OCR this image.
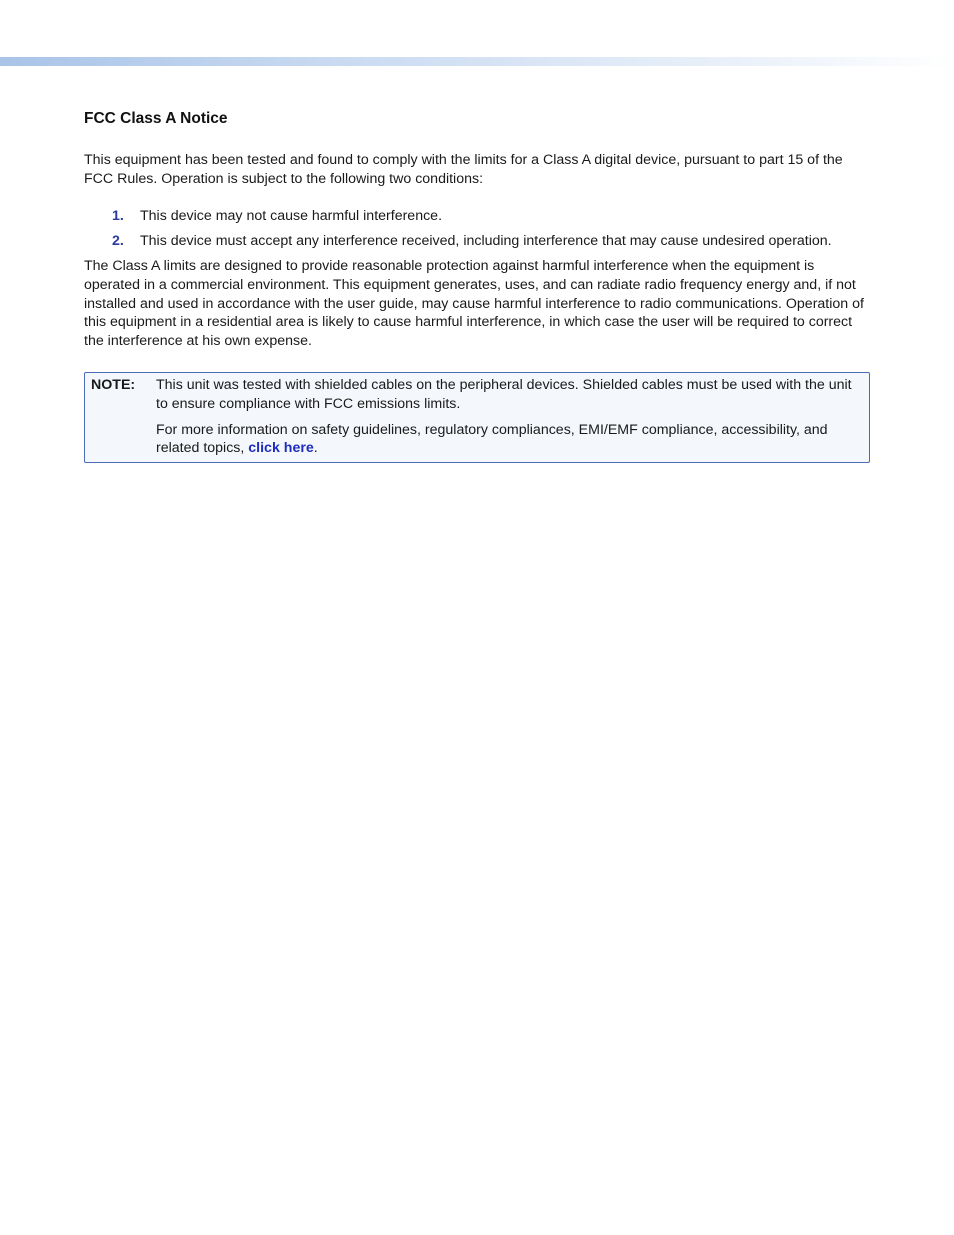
FCC Class A Notice

This equipment has been tested and found to comply with the limits for a Class A digital device, pursuant to part 15 of the FCC Rules. Operation is subject to the following two conditions:

1.	This device may not cause harmful interference.
2.	This device must accept any interference received, including interference that may cause undesired operation.

The Class A limits are designed to provide reasonable protection against harmful interference when the equipment is operated in a commercial environment. This equipment generates, uses, and can radiate radio frequency energy and, if not installed and used in accordance with the user guide, may cause harmful interference to radio communications. Operation of this equipment in a residential area is likely to cause harmful interference, in which case the user will be required to correct the interference at his own expense.

NOTE:	This unit was tested with shielded cables on the peripheral devices. Shielded cables must be used with the unit to ensure compliance with FCC emissions limits.

For more information on safety guidelines, regulatory compliances, EMI/EMF compliance, accessibility, and related topics, click here.
